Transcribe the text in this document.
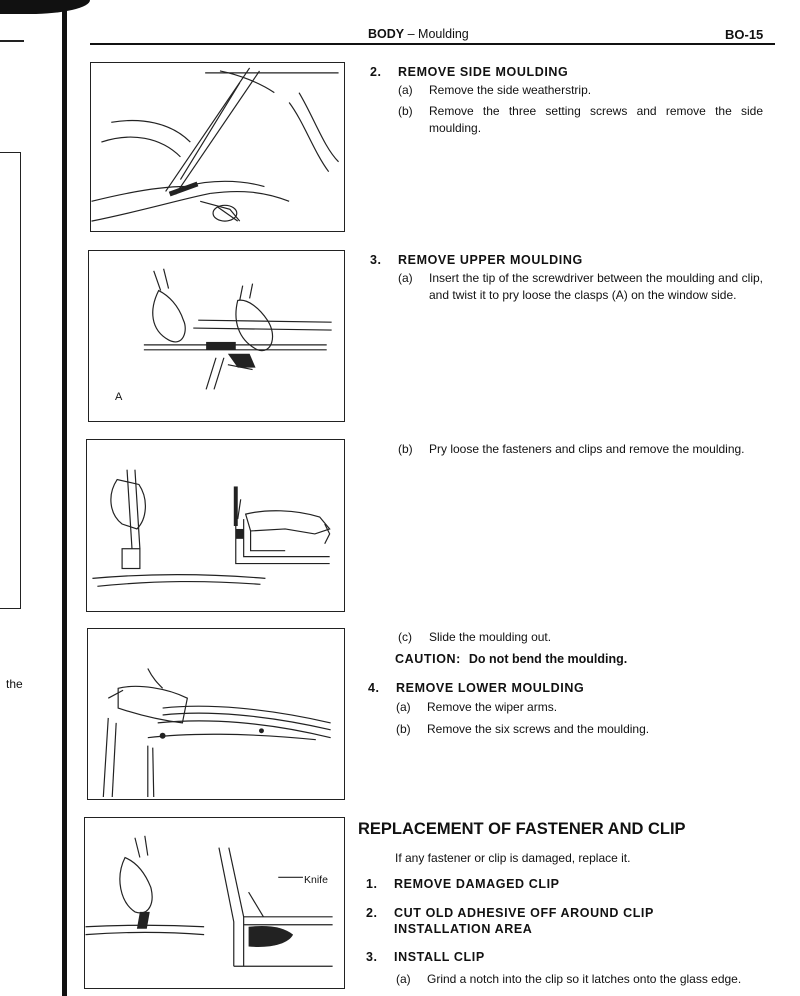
the
BODY – Moulding	BO-15
A
Knife
2. REMOVE SIDE MOULDING
(a) Remove the side weatherstrip.
(b) Remove the three setting screws and remove the side moulding.
3. REMOVE UPPER MOULDING
(a) Insert the tip of the screwdriver between the moulding and clip, and twist it to pry loose the clasps (A) on the window side.
(b) Pry loose the fasteners and clips and remove the moulding.
(c) Slide the moulding out.
CAUTION: Do not bend the moulding.
4. REMOVE LOWER MOULDING
(a) Remove the wiper arms.
(b) Remove the six screws and the moulding.
REPLACEMENT OF FASTENER AND CLIP
If any fastener or clip is damaged, replace it.
1. REMOVE DAMAGED CLIP
2. CUT OLD ADHESIVE OFF AROUND CLIP
INSTALLATION AREA
3. INSTALL CLIP
(a) Grind a notch into the clip so it latches onto the glass edge.
